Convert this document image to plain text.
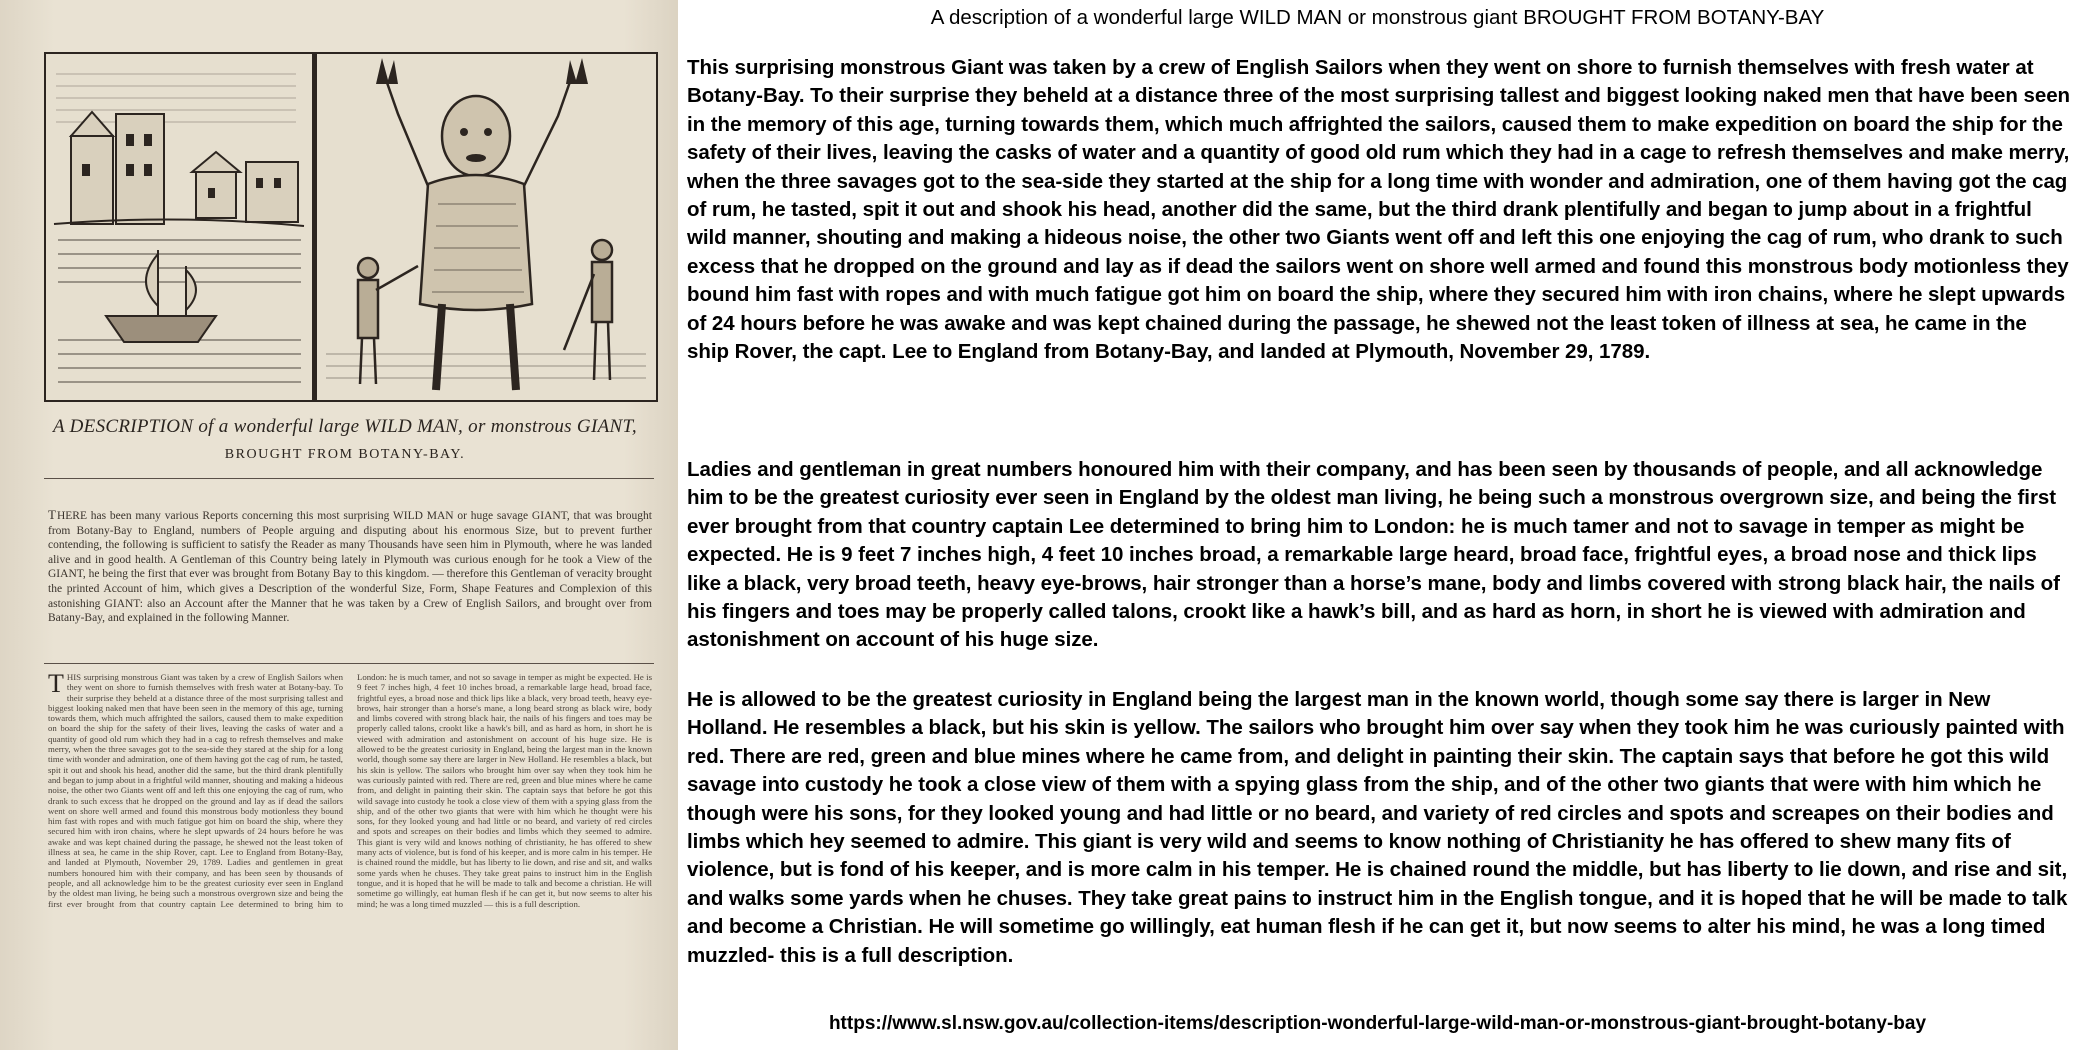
A DESCRIPTION of a wonderful large WILD MAN, or monstrous GIANT,
BROUGHT FROM BOTANY-BAY.

THERE has been many various Reports concerning this most surprising WILD MAN or huge savage GIANT, that was brought from Botany-Bay to England, numbers of People arguing and disputing about his enormous Size, but to prevent further contending, the following is sufficient to satisfy the Reader as many Thousands have seen him in Plymouth, where he was landed alive and in good health. A Gentleman of this Country being lately in Plymouth was curious enough for he took a View of the GIANT, he being the first that ever was brought from Botany Bay to this kingdom. — therefore this Gentleman of veracity brought the printed Account of him, which gives a Description of the wonderful Size, Form, Shape Features and Complexion of this astonishing GIANT: also an Account after the Manner that he was taken by a Crew of English Sailors, and brought over from Batany-Bay, and explained in the following Manner.

THIS surprising monstrous Giant was taken by a crew of English Sailors when they went on shore to furnish themselves with fresh water at Botany-bay. To their surprise they beheld at a distance three of the most surprising tallest and biggest looking naked men that have been seen in the memory of this age, turning towards them, which much affrighted the sailors, caused them to make expedition on board the ship for the safety of their lives, leaving the casks of water and a quantity of good old rum which they had in a cag to refresh themselves and make merry, when the three savages got to the sea-side they stared at the ship for a long time with wonder and admiration, one of them having got the cag of rum, he tasted, spit it out and shook his head, another did the same, but the third drank plentifully and began to jump about in a frightful wild manner, shouting and making a hideous noise, the other two Giants went off and left this one enjoying the cag of rum, who drank to such excess that he dropped on the ground and lay as if dead the sailors went on shore well armed and found this monstrous body motionless they bound him fast with ropes and with much fatigue got him on board the ship, where they secured him with iron chains, where he slept upwards of 24 hours before he was awake and was kept chained during the passage, he shewed not the least token of illness at sea, he came in the ship Rover, capt. Lee to England from Botany-Bay, and landed at Plymouth, November 29, 1789. Ladies and gentlemen in great numbers honoured him with their company, and has been seen by thousands of people, and all acknowledge him to be the greatest curiosity ever seen in England by the oldest man living, he being such a monstrous overgrown size and being the first ever brought from that country captain Lee determined to bring him to London: he is much tamer, and not so savage in temper as might be expected. He is 9 feet 7 inches high, 4 feet 10 inches broad, a remarkable large head, broad face, frightful eyes, a broad nose and thick lips like a black, very broad teeth, heavy eye-brows, hair stronger than a horse's mane, a long beard strong as black wire, body and limbs covered with strong black hair, the nails of his fingers and toes may be properly called talons, crookt like a hawk's bill, and as hard as horn, in short he is viewed with admiration and astonishment on account of his huge size. He is allowed to be the greatest curiosity in England, being the largest man in the known world, though some say there are larger in New Holland. He resembles a black, but his skin is yellow. The sailors who brought him over say when they took him he was curiously painted with red. There are red, green and blue mines where he came from, and delight in painting their skin. The captain says that before he got this wild savage into custody he took a close view of them with a spying glass from the ship, and of the other two giants that were with him which he thought were his sons, for they looked young and had little or no beard, and variety of red circles and spots and screapes on their bodies and limbs which they seemed to admire. This giant is very wild and knows nothing of christianity, he has offered to shew many acts of violence, but is fond of his keeper, and is more calm in his temper. He is chained round the middle, but has liberty to lie down, and rise and sit, and walks some yards when he chuses. They take great pains to instruct him in the English tongue, and it is hoped that he will be made to talk and become a christian. He will sometime go willingly, eat human flesh if he can get it, but now seems to alter his mind; he was a long timed muzzled — this is a full description.

A description of a wonderful large WILD MAN or monstrous giant BROUGHT FROM BOTANY-BAY

This surprising monstrous Giant was taken by a crew of English Sailors when they went on shore to furnish themselves with fresh water at Botany-Bay. To their surprise they beheld at a distance three of the most surprising tallest and biggest looking naked men that have been seen in the memory of this age, turning towards them, which much affrighted the sailors, caused them to make expedition on board the ship for the safety of their lives, leaving the casks of water and a quantity of good old rum which they had in a cage to refresh themselves and make merry, when the three savages got to the sea-side they started at the ship for a long time with wonder and admiration, one of them having got the cag of rum, he tasted, spit it out and shook his head, another did the same, but the third drank plentifully and began to jump about in a frightful wild manner, shouting and making a hideous noise, the other two Giants went off and left this one enjoying the cag of rum, who drank to such excess that he dropped on the ground and lay as if dead the sailors went on shore well armed and found this monstrous body motionless they bound him fast with ropes and with much fatigue got him on board the ship, where they secured him with iron chains, where he slept upwards of 24 hours before he was awake and was kept chained during the passage, he shewed not the least token of illness at sea, he came in the ship Rover, the capt. Lee to England from Botany-Bay, and landed at Plymouth, November 29, 1789.

Ladies and gentleman in great numbers honoured him with their company, and has been seen by thousands of people, and all acknowledge him to be the greatest curiosity ever seen in England by the oldest man living, he being such a monstrous overgrown size, and being the first ever brought from that country captain Lee determined to bring him to London: he is much tamer and not to savage in temper as might be expected. He is 9 feet 7 inches high, 4 feet 10 inches broad, a remarkable large heard, broad face, frightful eyes, a broad nose and thick lips like a black, very broad teeth, heavy eye-brows, hair stronger than a horse’s mane, body and limbs covered with strong black hair, the nails of his fingers and toes may be properly called talons, crookt like a hawk’s bill, and as hard as horn, in short he is viewed with admiration and astonishment on account of his huge size.

He is allowed to be the greatest curiosity in England being the largest man in the known world, though some say there is larger in New Holland. He resembles a black, but his skin is yellow. The sailors who brought him over say when they took him he was curiously painted with red. There are red, green and blue mines where he came from, and delight in painting their skin. The captain says that before he got this wild savage into custody he took a close view of them with a spying glass from the ship, and of the other two giants that were with him which he though were his sons, for they looked young and had little or no beard, and variety of red circles and spots and screapes on their bodies and limbs which hey seemed to admire. This giant is very wild and seems to know nothing of Christianity he has offered to shew many fits of violence, but is fond of his keeper, and is more calm in his temper. He is chained round the middle, but has liberty to lie down, and rise and sit, and walks some yards when he chuses. They take great pains to instruct him in the English tongue, and it is hoped that he will be made to talk and become a Christian. He will sometime go willingly, eat human flesh if he can get it, but now seems to alter his mind, he was a long timed muzzled- this is a full description.

https://www.sl.nsw.gov.au/collection-items/description-wonderful-large-wild-man-or-monstrous-giant-brought-botany-bay
